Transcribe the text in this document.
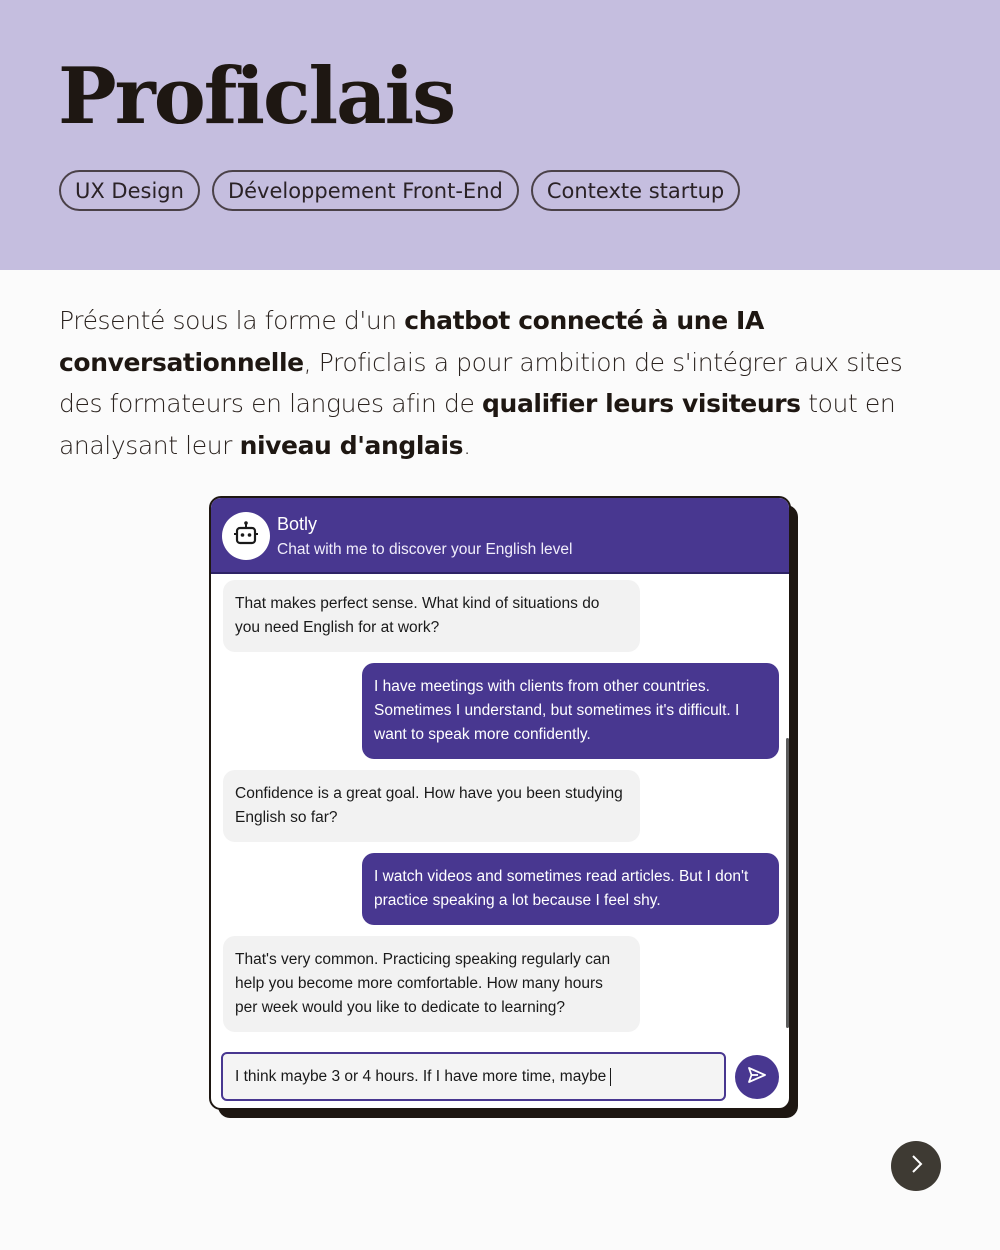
Proficlais
UX Design	Développement Front-End	Contexte startup

Présenté sous la forme d'un chatbot connecté à une IA conversationnelle, Proficlais a pour ambition de s'intégrer aux sites des formateurs en langues afin de qualifier leurs visiteurs tout en analysant leur niveau d'anglais.

Botly
Chat with me to discover your English level
That makes perfect sense. What kind of situations do you need English for at work?
I have meetings with clients from other countries. Sometimes I understand, but sometimes it's difficult. I want to speak more confidently.
Confidence is a great goal. How have you been studying English so far?
I watch videos and sometimes read articles. But I don't practice speaking a lot because I feel shy.
That's very common. Practicing speaking regularly can help you become more comfortable. How many hours per week would you like to dedicate to learning?
I think maybe 3 or 4 hours. If I have more time, maybe
